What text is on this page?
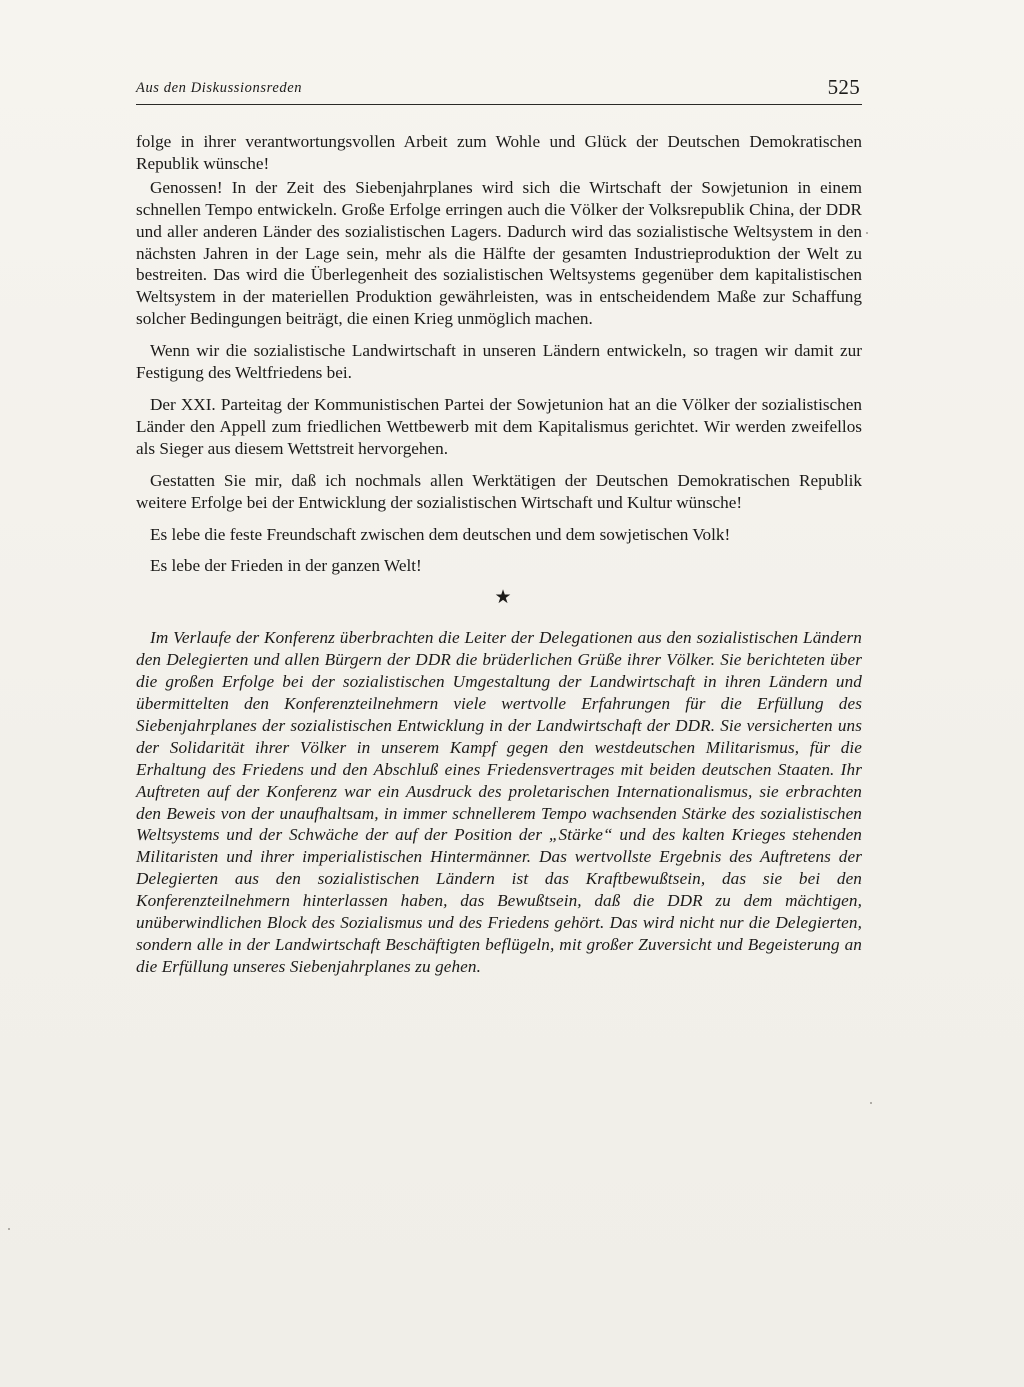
Aus den Diskussionsreden	525

folge in ihrer verantwortungsvollen Arbeit zum Wohle und Glück der Deutschen Demokratischen Republik wünsche!

Genossen! In der Zeit des Siebenjahrplanes wird sich die Wirtschaft der Sowjetunion in einem schnellen Tempo entwickeln. Große Erfolge erringen auch die Völker der Volksrepublik China, der DDR und aller anderen Länder des sozialistischen Lagers. Dadurch wird das sozialistische Weltsystem in den nächsten Jahren in der Lage sein, mehr als die Hälfte der gesamten Industrieproduktion der Welt zu bestreiten. Das wird die Überlegenheit des sozialistischen Weltsystems gegenüber dem kapitalistischen Weltsystem in der materiellen Produktion gewährleisten, was in entscheidendem Maße zur Schaffung solcher Bedingungen beiträgt, die einen Krieg unmöglich machen.

Wenn wir die sozialistische Landwirtschaft in unseren Ländern entwickeln, so tragen wir damit zur Festigung des Weltfriedens bei.

Der XXI. Parteitag der Kommunistischen Partei der Sowjetunion hat an die Völker der sozialistischen Länder den Appell zum friedlichen Wettbewerb mit dem Kapitalismus gerichtet. Wir werden zweifellos als Sieger aus diesem Wettstreit hervorgehen.

Gestatten Sie mir, daß ich nochmals allen Werktätigen der Deutschen Demokratischen Republik weitere Erfolge bei der Entwicklung der sozialistischen Wirtschaft und Kultur wünsche!

Es lebe die feste Freundschaft zwischen dem deutschen und dem sowjetischen Volk!

Es lebe der Frieden in der ganzen Welt!

★

Im Verlaufe der Konferenz überbrachten die Leiter der Delegationen aus den sozialistischen Ländern den Delegierten und allen Bürgern der DDR die brüderlichen Grüße ihrer Völker. Sie berichteten über die großen Erfolge bei der sozialistischen Umgestaltung der Landwirtschaft in ihren Ländern und übermittelten den Konferenzteilnehmern viele wertvolle Erfahrungen für die Erfüllung des Siebenjahrplanes der sozialistischen Entwicklung in der Landwirtschaft der DDR. Sie versicherten uns der Solidarität ihrer Völker in unserem Kampf gegen den westdeutschen Militarismus, für die Erhaltung des Friedens und den Abschluß eines Friedensvertrages mit beiden deutschen Staaten. Ihr Auftreten auf der Konferenz war ein Ausdruck des proletarischen Internationalismus, sie erbrachten den Beweis von der unaufhaltsam, in immer schnellerem Tempo wachsenden Stärke des sozialistischen Weltsystems und der Schwäche der auf der Position der „Stärke“ und des kalten Krieges stehenden Militaristen und ihrer imperialistischen Hintermänner. Das wertvollste Ergebnis des Auftretens der Delegierten aus den sozialistischen Ländern ist das Kraftbewußtsein, das sie bei den Konferenzteilnehmern hinterlassen haben, das Bewußtsein, daß die DDR zu dem mächtigen, unüberwindlichen Block des Sozialismus und des Friedens gehört. Das wird nicht nur die Delegierten, sondern alle in der Landwirtschaft Beschäftigten beflügeln, mit großer Zuversicht und Begeisterung an die Erfüllung unseres Siebenjahrplanes zu gehen.
